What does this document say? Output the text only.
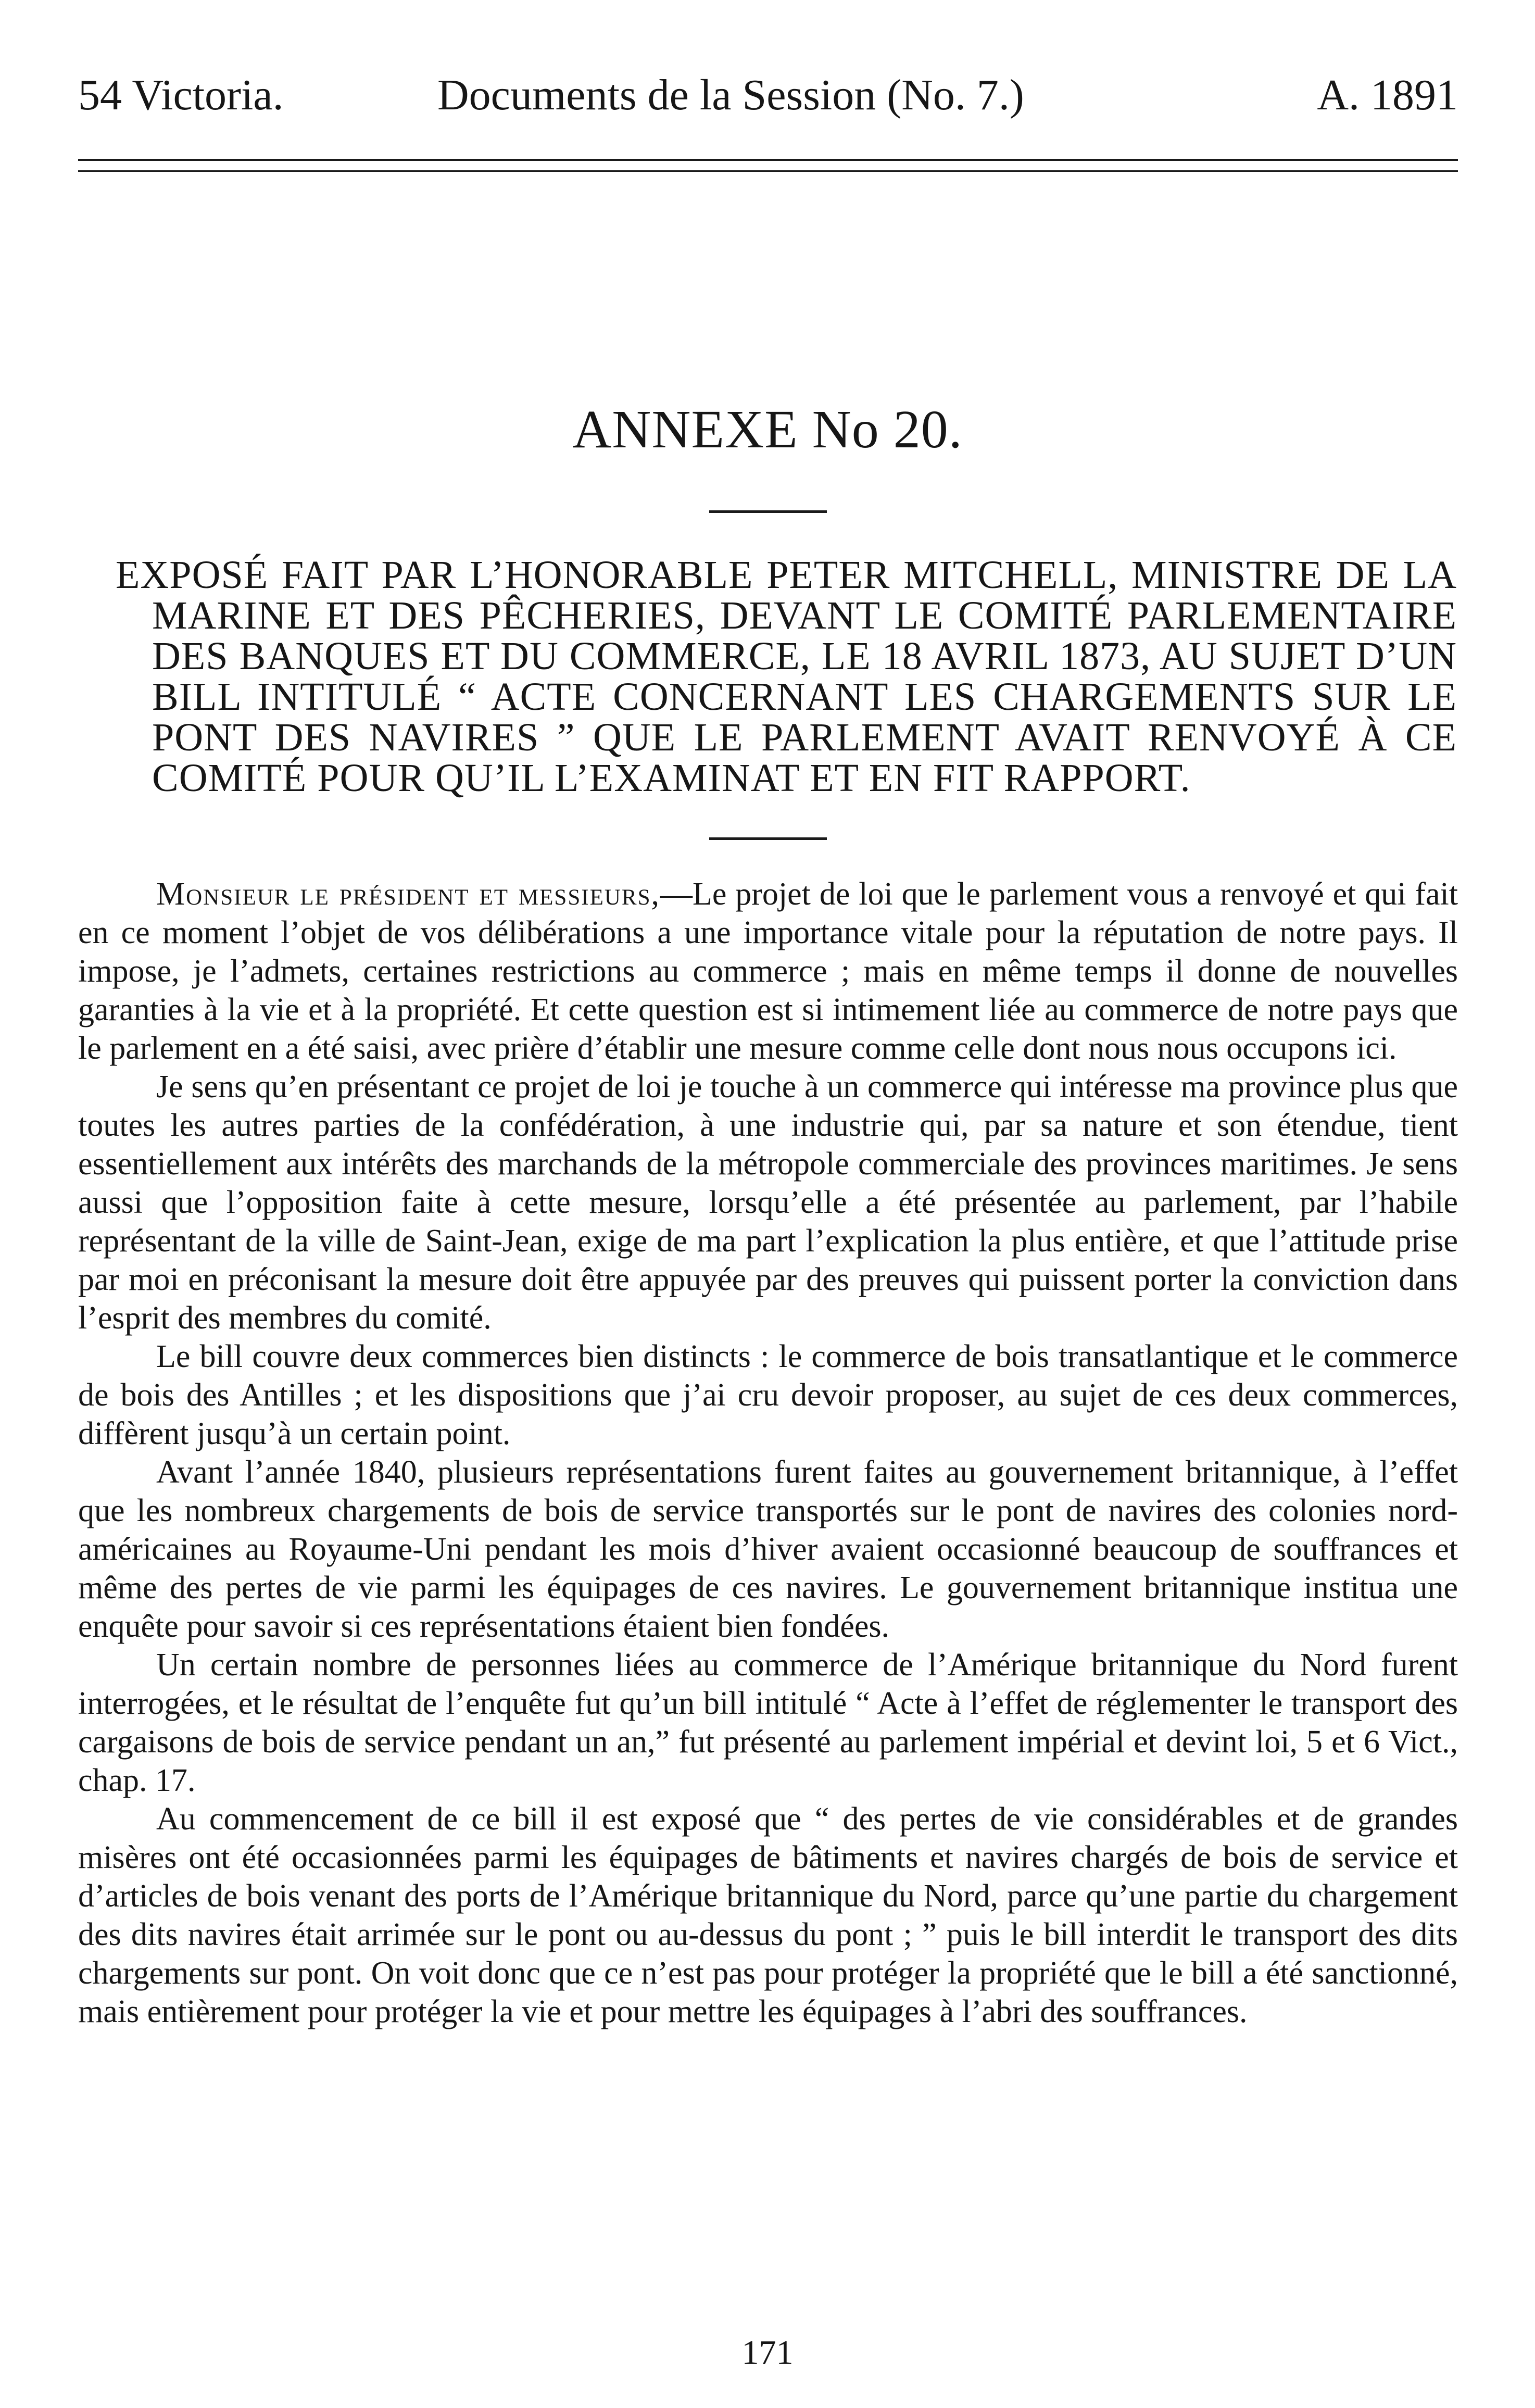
54 Victoria.	Documents de la Session (No. 7.)	A. 1891
ANNEXE No 20.
EXPOSÉ FAIT PAR L’HONORABLE PETER MITCHELL, MINISTRE DE LA MARINE ET DES PÊCHERIES, DEVANT LE COMITÉ PARLEMENTAIRE DES BANQUES ET DU COMMERCE, LE 18 AVRIL 1873, AU SUJET D’UN BILL INTITULÉ “ ACTE CONCERNANT LES CHARGEMENTS SUR LE PONT DES NAVIRES ” QUE LE PARLEMENT AVAIT RENVOYÉ À CE COMITÉ POUR QU’IL L’EXAMINAT ET EN FIT RAPPORT.

Monsieur le président et messieurs,—Le projet de loi que le parlement vous a renvoyé et qui fait en ce moment l’objet de vos délibérations a une importance vitale pour la réputation de notre pays. Il impose, je l’admets, certaines restrictions au commerce ; mais en même temps il donne de nouvelles garanties à la vie et à la propriété. Et cette question est si intimement liée au commerce de notre pays que le parlement en a été saisi, avec prière d’établir une mesure comme celle dont nous nous occupons ici.

Je sens qu’en présentant ce projet de loi je touche à un commerce qui intéresse ma province plus que toutes les autres parties de la confédération, à une industrie qui, par sa nature et son étendue, tient essentiellement aux intérêts des marchands de la métropole commerciale des provinces maritimes. Je sens aussi que l’opposition faite à cette mesure, lorsqu’elle a été présentée au parlement, par l’habile représentant de la ville de Saint-Jean, exige de ma part l’explication la plus entière, et que l’attitude prise par moi en préconisant la mesure doit être appuyée par des preuves qui puissent porter la conviction dans l’esprit des membres du comité.

Le bill couvre deux commerces bien distincts : le commerce de bois transatlantique et le commerce de bois des Antilles ; et les dispositions que j’ai cru devoir proposer, au sujet de ces deux commerces, diffèrent jusqu’à un certain point.

Avant l’année 1840, plusieurs représentations furent faites au gouvernement britannique, à l’effet que les nombreux chargements de bois de service transportés sur le pont de navires des colonies nord-américaines au Royaume-Uni pendant les mois d’hiver avaient occasionné beaucoup de souffrances et même des pertes de vie parmi les équipages de ces navires. Le gouvernement britannique institua une enquête pour savoir si ces représentations étaient bien fondées.

Un certain nombre de personnes liées au commerce de l’Amérique britannique du Nord furent interrogées, et le résultat de l’enquête fut qu’un bill intitulé “ Acte à l’effet de réglementer le transport des cargaisons de bois de service pendant un an,” fut présenté au parlement impérial et devint loi, 5 et 6 Vict., chap. 17.

Au commencement de ce bill il est exposé que “ des pertes de vie considérables et de grandes misères ont été occasionnées parmi les équipages de bâtiments et navires chargés de bois de service et d’articles de bois venant des ports de l’Amérique britannique du Nord, parce qu’une partie du chargement des dits navires était arrimée sur le pont ou au-dessus du pont ; ” puis le bill interdit le transport des dits chargements sur pont. On voit donc que ce n’est pas pour protéger la propriété que le bill a été sanctionné, mais entièrement pour protéger la vie et pour mettre les équipages à l’abri des souffrances.

171
